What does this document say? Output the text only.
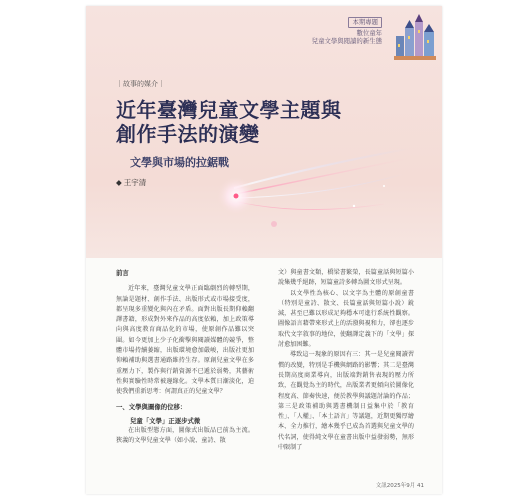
本期專題
數位童年
兒童文學與閱讀的新生態
｜故事的媒介｜
近年臺灣兒童文學主題與
創作手法的演變
文學與市場的拉鋸戰
◆ 王宇清
前言

近年來，臺灣兒童文學正面臨劇烈的轉型期，無論是題材、創作手法、出版形式或市場接受度，都呈現多重變化與內在矛盾。面對出版長期仰賴翻譯書籍，形成對外來作品的高度依賴，加上政策導向與高度教育商品化的市場，使原創作品難以突圍。如今更加上少子化衝擊與閱讀媒體的競爭，整體市場持續萎縮，出版環境愈加嚴峻，出版社更加仰賴補助與選書通路維持生存。原創兒童文學在多重壓力下，製作與行銷資源不已遞於弱勢，其藝術性與實驗性時常被邊緣化。文學本質日漸淡化，迫使我們重新思考：何謂真正的兒童文學？

一、文學與圖像的位移：
兒童「文學」正逐步式微

在出版型態方面，圖像式出版品已前為主流。狹義的文學兒童文學（如小說、童詩、散

文）與童書文類，橋梁書繁榮，長篇童話與短篇小說集幾乎絕跡，短篇童詩多轉為圖文形式呈現。

以文學性為核心、以文字為主體的原創童書（特別是童詩、散文、長篇童話與短篇小說）銳減，甚至已難以形成足夠穩本可進行系統性觀察。圖像語言藉帶來形式上的活潑與視和力，卻也逐步取代文字敘事的地位，使翻譯定義下的「文學」探討愈加困難。

導致這一現象的原因有三：其一是兒童閱讀習慣的改變，特別是手機與網路的影響；其二是臺灣長期高度商業導向，出版端對銷售表現的壓力所致，在觀覺為主的時代，出版業者更傾向於圖像化程度高、節奏快速，便於教學與議題討論的作品；第三是政策補助與選書機制日益集中於「教育性」、「人權」、「本土語言」等議題，近期更獨厚繪本、全力推行，繪本幾乎已成為首選與兒童文學的代名詞，使得純文學在童書出版中益發弱勢，無形中限制了

文訊2025年9月 41
